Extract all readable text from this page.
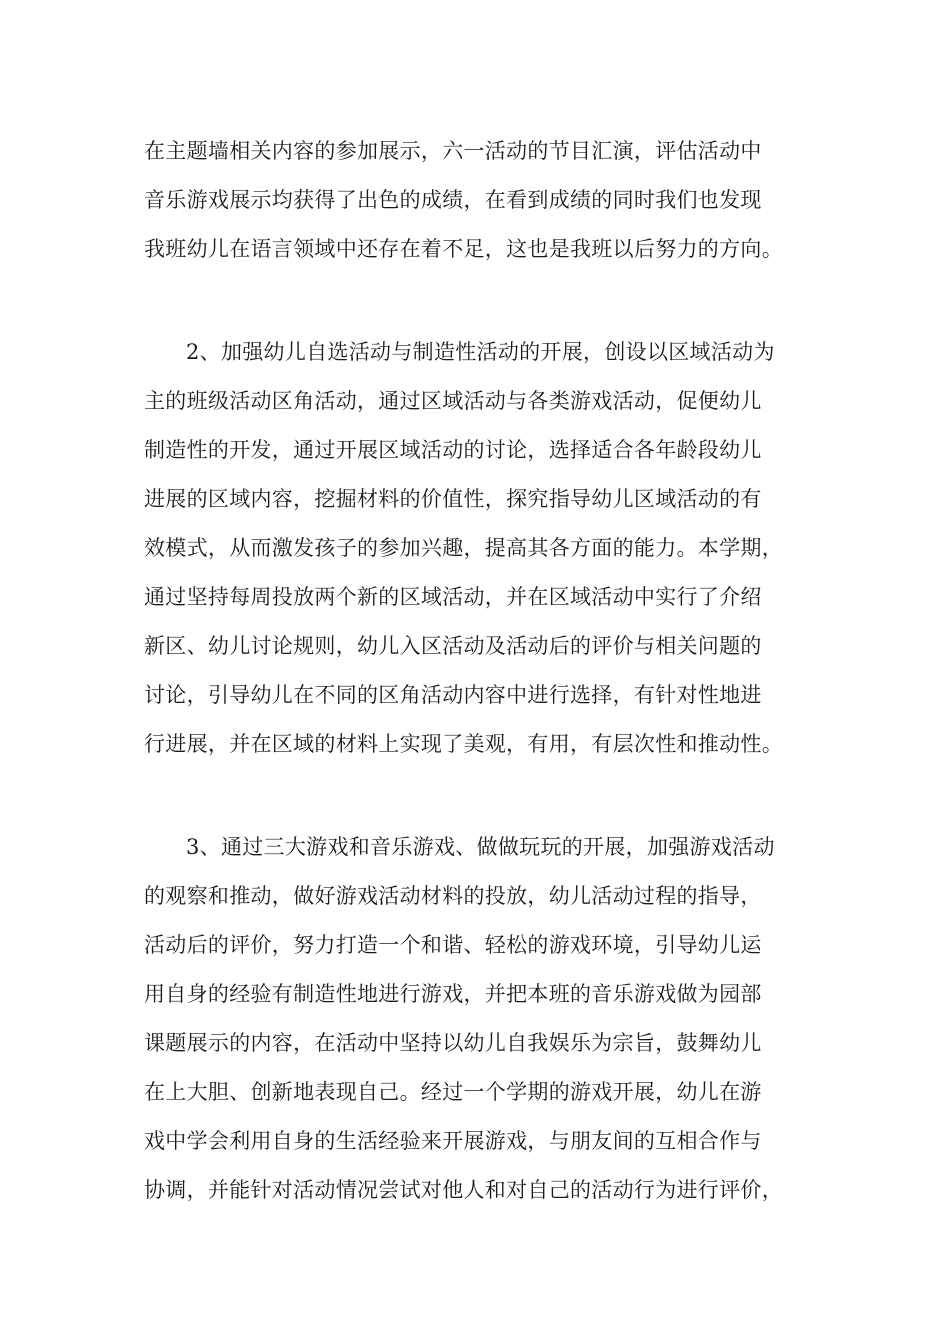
在主题墙相关内容的参加展示，六一活动的节目汇演，评估活动中
音乐游戏展示均获得了出色的成绩，在看到成绩的同时我们也发现
我班幼儿在语言领域中还存在着不足，这也是我班以后努力的方向。
2、加强幼儿自选活动与制造性活动的开展，创设以区域活动为
主的班级活动区角活动，通过区域活动与各类游戏活动，促便幼儿
制造性的开发，通过开展区域活动的讨论，选择适合各年龄段幼儿
进展的区域内容，挖掘材料的价值性，探究指导幼儿区域活动的有
效模式，从而激发孩子的参加兴趣，提高其各方面的能力。本学期，
通过坚持每周投放两个新的区域活动，并在区域活动中实行了介绍
新区、幼儿讨论规则，幼儿入区活动及活动后的评价与相关问题的
讨论，引导幼儿在不同的区角活动内容中进行选择，有针对性地进
行进展，并在区域的材料上实现了美观，有用，有层次性和推动性。
3、通过三大游戏和音乐游戏、做做玩玩的开展，加强游戏活动
的观察和推动，做好游戏活动材料的投放，幼儿活动过程的指导，
活动后的评价，努力打造一个和谐、轻松的游戏环境，引导幼儿运
用自身的经验有制造性地进行游戏，并把本班的音乐游戏做为园部
课题展示的内容，在活动中坚持以幼儿自我娱乐为宗旨，鼓舞幼儿
在上大胆、创新地表现自己。经过一个学期的游戏开展，幼儿在游
戏中学会利用自身的生活经验来开展游戏，与朋友间的互相合作与
协调，并能针对活动情况尝试对他人和对自己的活动行为进行评价，
